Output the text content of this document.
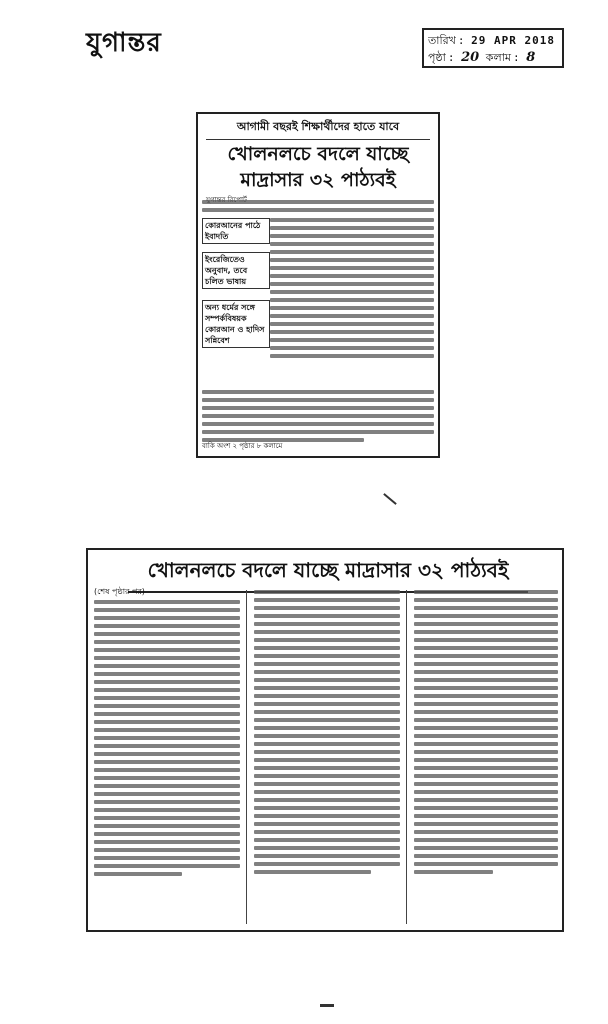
যুগান্তর	তারিখ : 29 APR 2018
পৃষ্ঠা : 20
কলাম : 8
আগামী বছরই শিক্ষার্থীদের হাতে যাবে
খোলনলচে বদলে যাচ্ছে
মাদ্রাসার ৩২ পাঠ্যবই
কোরআনের পাঠে ইবাদতি
ইংরেজিতেও অনুবাদ, তবে চলিত ভাষায়
অন্য ধর্মের সঙ্গে সম্পর্কবিষয়ক কোরআন ও হাদিস সন্নিবেশ
বাকি অংশ ২ পৃষ্ঠার ৮ কলামে
খোলনলচে বদলে যাচ্ছে মাদ্রাসার ৩২ পাঠ্যবই
(শেষ পৃষ্ঠার পর)
